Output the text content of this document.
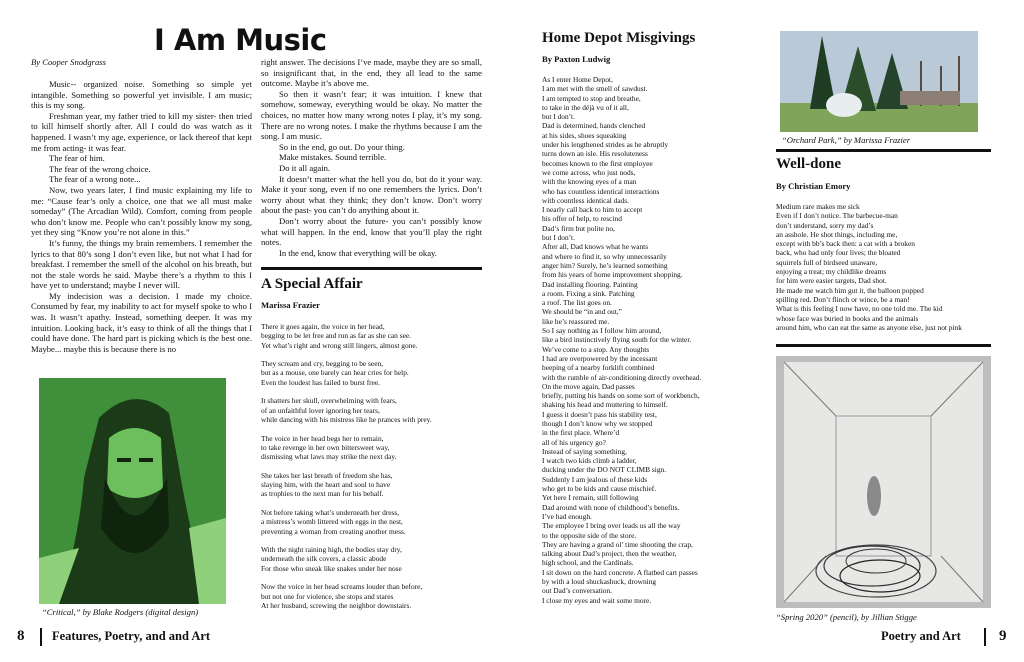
I Am Music
By Cooper Snodgrass

Music-- organized noise. Something so simple yet intangible. Something so powerful yet invisible. I am music; this is my song.

Freshman year, my father tried to kill my sister- then tried to kill himself shortly after. All I could do was watch as it happened. I wasn’t my age, experience, or lack thereof that kept me from acting- it was fear.

The fear of him.

The fear of the wrong choice.

The fear of a wrong note...

Now, two years later, I find music explaining my life to me: “Cause fear’s only a choice, one that we all must make someday” (The Arcadian Wild). Comfort, coming from people who don’t know me. People who can’t possibly know my song, yet they sing “Know you’re not alone in this.”

It’s funny, the things my brain remembers. I remember the lyrics to that 80’s song I don’t even like, but not what I had for breakfast. I remember the smell of the alcohol on his breath, but not the stale words he said. Maybe there’s a rhythm to this I have yet to understand; maybe I never will.

My indecision was a decision. I made my choice. Consumed by fear, my inability to act for myself spoke to who I was. It wasn’t apathy. Instead, something deeper. It was my intuition. Looking back, it’s easy to think of all the things that I could have done. The hard part is picking which is the best one. Maybe... maybe this is because there is no

right answer. The decisions I’ve made, maybe they are so small, so insignificant that, in the end, they all lead to the same outcome. Maybe it’s above me.

So then it wasn’t fear; it was intuition. I knew that somehow, someway, everything would be okay. No matter the choices, no matter how many wrong notes I play, it’s my song. There are no wrong notes. I make the rhythms because I am the song. I am music.

So in the end, go out. Do your thing.

Make mistakes. Sound terrible.

Do it all again.

It doesn’t matter what the hell you do, but do it your way. Make it your song, even if no one remembers the lyrics. Don’t worry about what they think; they don’t know. Don’t worry about the past- you can’t do anything about it.

Don’t worry about the future- you can’t possibly know what will happen. In the end, know that you’ll play the right notes.

In the end, know that everything will be okay.

A Special Affair
Marissa Frazier
There it goes again, the voice in her head,
begging to be let free and run as far as she can see.
Yet what’s right and wrong still lingers, almost gone.

They scream and cry, begging to be seen,
but as a mouse, one barely can hear cries for help.
Even the loudest has failed to burst free.

It shatters her skull, overwhelming with fears,
of an unfaithful lover ignoring her tears,
while dancing with his mistress like he prances with prey.

The voice in her head begs her to remain,
to take revenge in her own bittersweet way,
dismissing what laws may strike the next day.

She takes her last breath of freedom she has,
slaying him, with the heart and soul to have
as trophies to the next man for his behalf.

Not before taking what’s underneath her dress,
a mistress’s womb littered with eggs in the nest,
preventing a woman from creating another mess.

With the night raining high, the bodies stay dry,
underneath the silk covers, a classic abode
For those who sneak like snakes under her nose

Now the voice in her head screams louder than before,
but not one for violence, she stops and stares
At her husband, screwing the neighbor downstairs.
“Critical,” by Blake Rodgers (digital design)
8 Features, Poetry, and and Art
Home Depot Misgivings
By Paxton Ludwig
As I enter Home Depot,
I am met with the smell of sawdust.
I am tempted to stop and breathe,
to take in the déjà vu of it all,
but I don’t.
Dad is determined, hands clenched
at his sides, shoes squeaking
under his lengthened strides as he abruptly
turns down an isle. His resoluteness
becomes known to the first employee
we come across, who just nods,
with the knowing eyes of a man
who has countless identical interactions
with countless identical dads.
I nearly call back to him to accept
his offer of help, to rescind
Dad’s firm but polite no,
but I don’t.
After all, Dad knows what he wants
and where to find it, so why unnecessarily
anger him? Surely, he’s learned something
from his years of home improvement shopping.
Dad installing flooring. Painting
a room. Fixing a sink. Patching
a roof. The list goes on.
We should be “in and out,”
like he’s reassured me.
So I say nothing as I follow him around,
like a bird instinctively flying south for the winter.
We’ve come to a stop. Any thoughts
I had are overpowered by the incessant
beeping of a nearby forklift combined
with the rumble of air-conditioning directly overhead.
On the move again, Dad passes
briefly, putting his hands on some sort of workbench,
shaking his head and muttering to himself.
I guess it doesn’t pass his stability test,
though I don’t know why we stopped
in the first place. Where’d
all of his urgency go?
Instead of saying something,
I watch two kids climb a ladder,
ducking under the DO NOT CLIMB sign.
Suddenly I am jealous of these kids
who get to be kids and cause mischief.
Yet here I remain, still following
Dad around with none of childhood’s benefits.
I’ve had enough.
The employee I bring over leads us all the way
to the opposite side of the store.
They are having a grand ol’ time shooting the crap,
talking about Dad’s project, then the weather,
high school, and the Cardinals.
I sit down on the hard concrete. A flatbed cart passes
by with a loud shuckashuck, drowning
out Dad’s conversation.
I close my eyes and wait some more.
“Orchard Park,” by Marissa Frazier
Well-done
By Christian Emory
Medium rare makes me sick
Even if I don’t notice. The barbecue-man
don’t understand, sorry my dad’s
an asshole. He shot things, including me,
except with bb’s back then: a cat with a broken
back, who had only four lives; the bloated
squirrels full of birdseed unaware,
enjoying a treat; my childlike dreams
for him were easier targets, Dad shot.
He made me watch him gut it, the balloon popped
spilling red. Don’t flinch or wince, be a man!
What is this feeling I now have, no one told me. The kid
whose face was buried in books and the animals
around him, who can eat the same as anyone else, just not pink
“Spring 2020” (pencil), by Jillian Stigge
Poetry and Art	9
